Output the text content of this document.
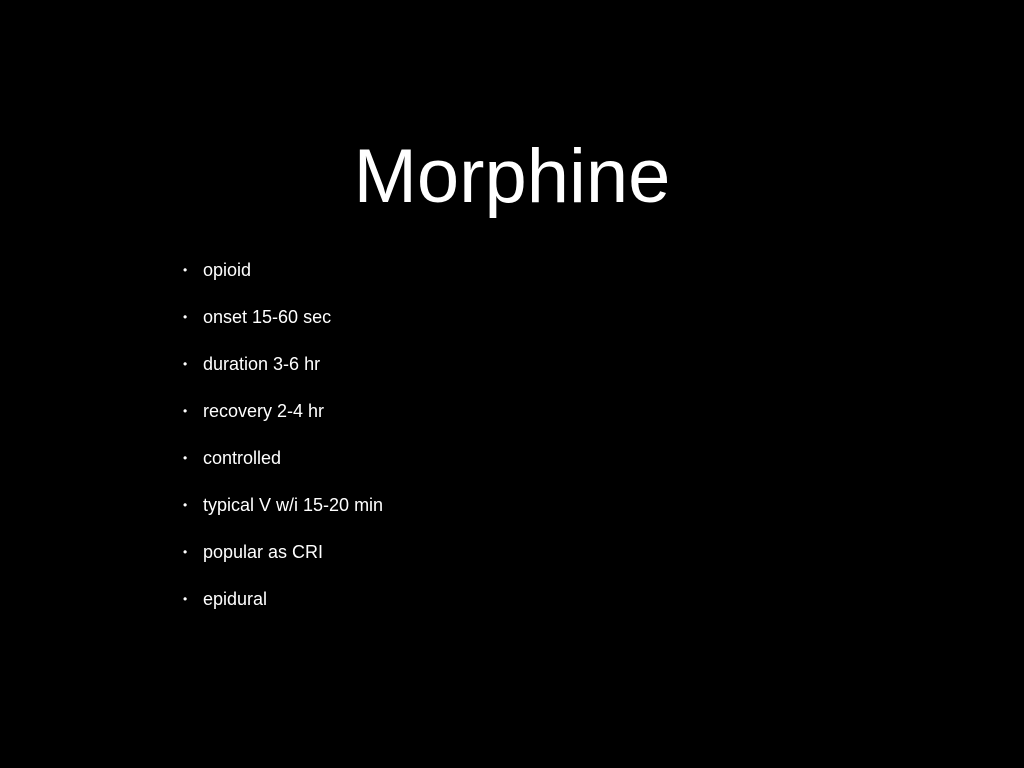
Morphine
• opioid
• onset 15-60 sec
• duration 3-6 hr
• recovery 2-4 hr
• controlled
• typical V w/i 15-20 min
• popular as CRI
• epidural
